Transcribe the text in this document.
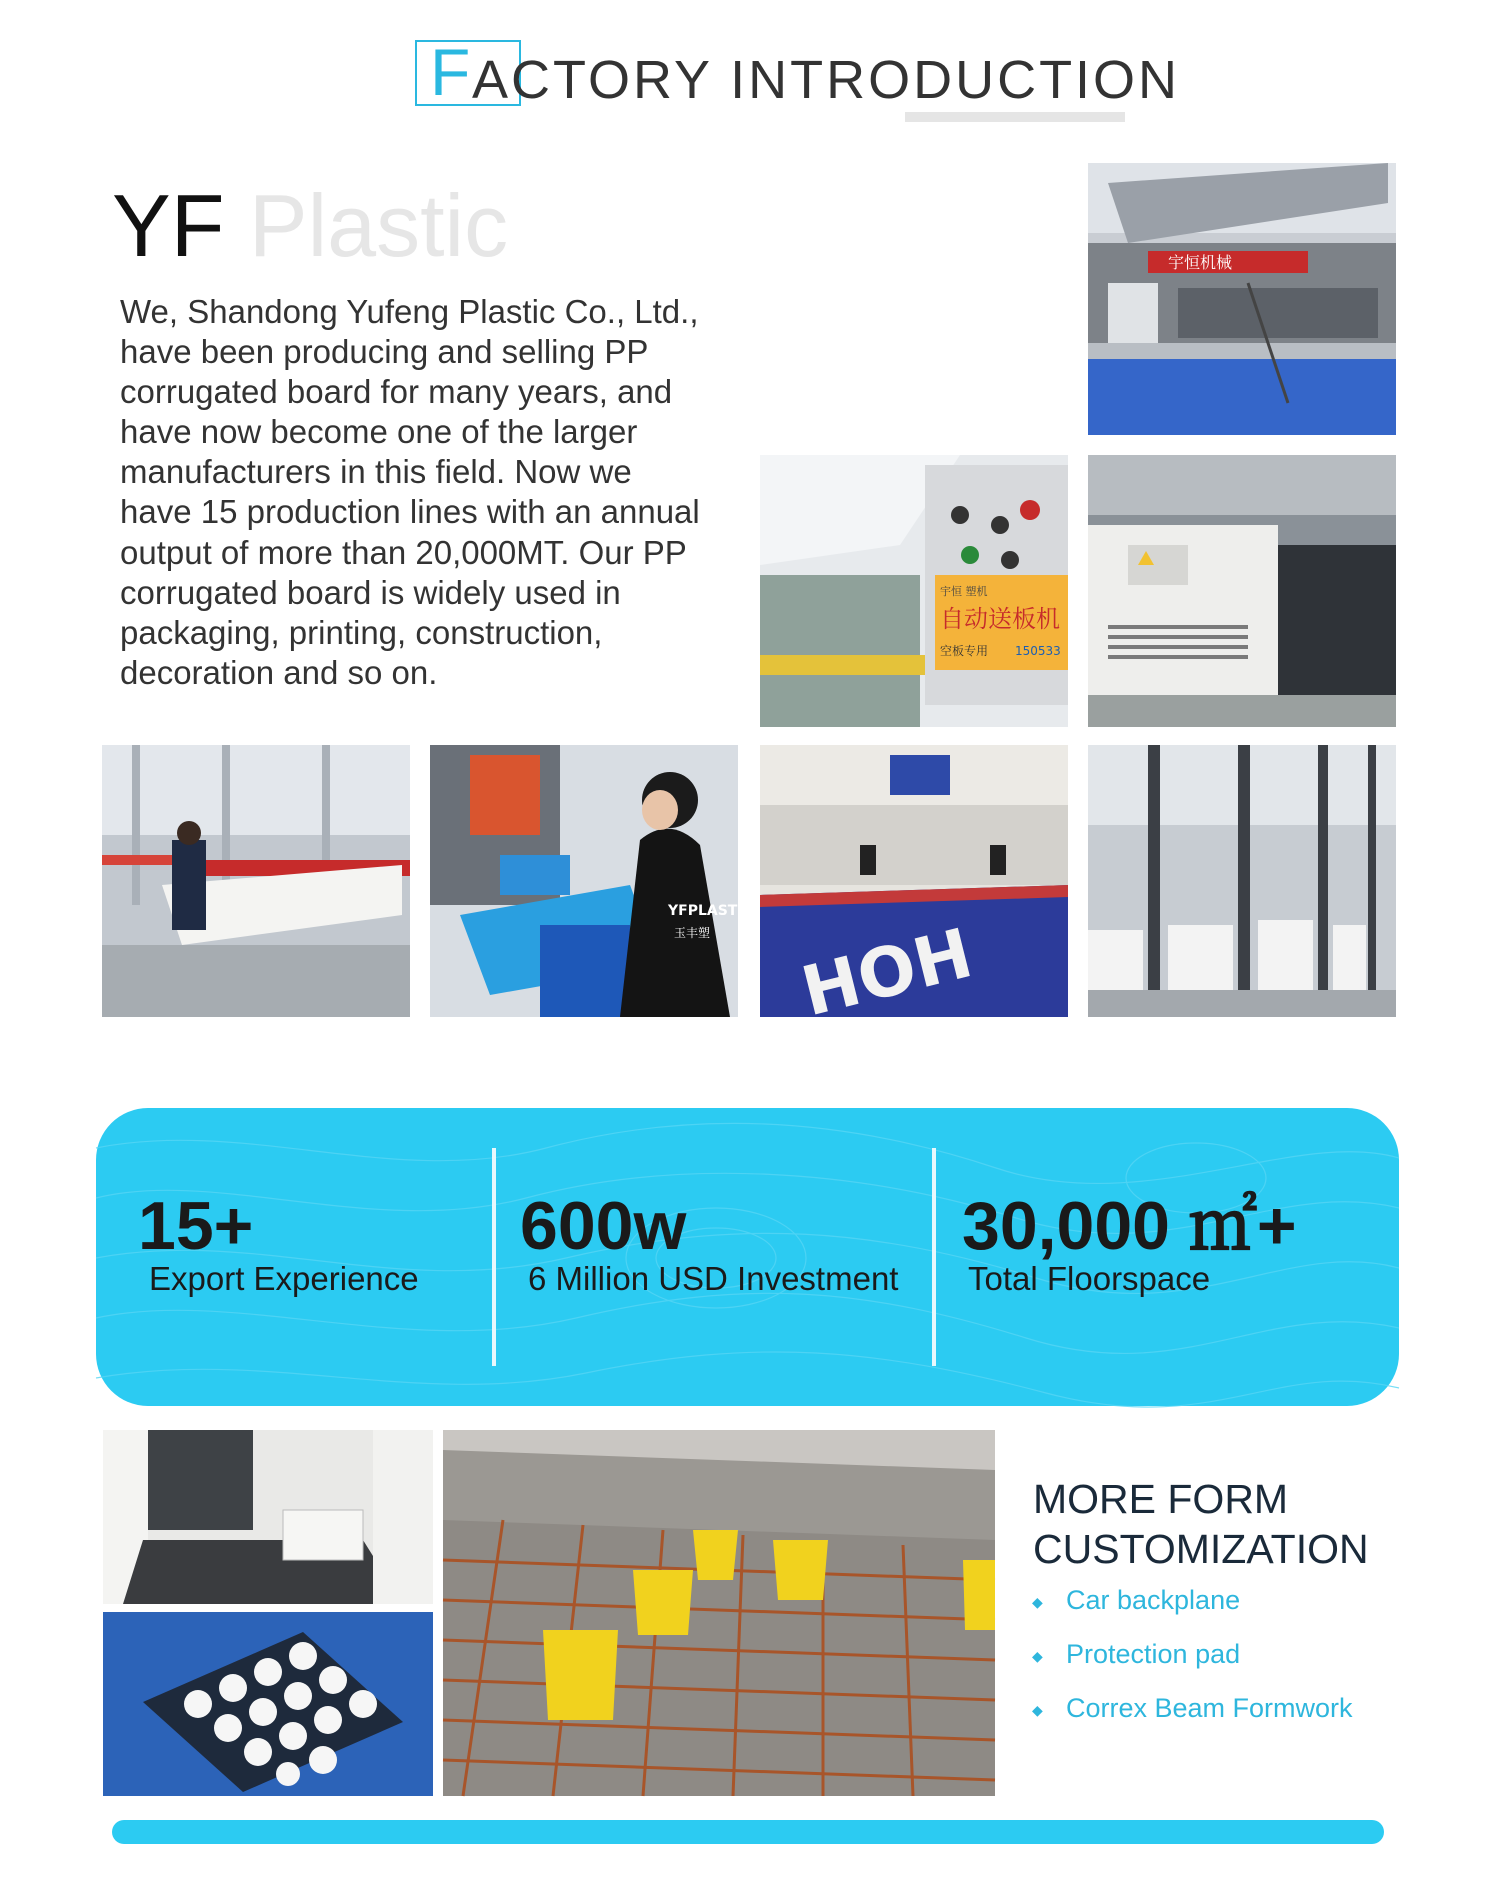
F ACTORY INTRODUCTION
YF Plastic

We, Shandong Yufeng Plastic Co., Ltd., have been producing and selling PP corrugated board for many years, and have now become one of the larger manufacturers in this field. Now we have 15 production lines with an annual output of more than 20,000MT. Our PP corrugated board is widely used in packaging, printing, construction, decoration and so on.

宇恒机械
宇恒 塑机
自动送板机
空板专用 150533
YFPLASTIC
玉丰塑 HOH
15+
Export Experience
600w
6 Million USD Investment
30,000 ㎡+
Total Floorspace
MORE FORM
CUSTOMIZATION
◆ Car backplane
◆ Protection pad
◆ Correx Beam Formwork
